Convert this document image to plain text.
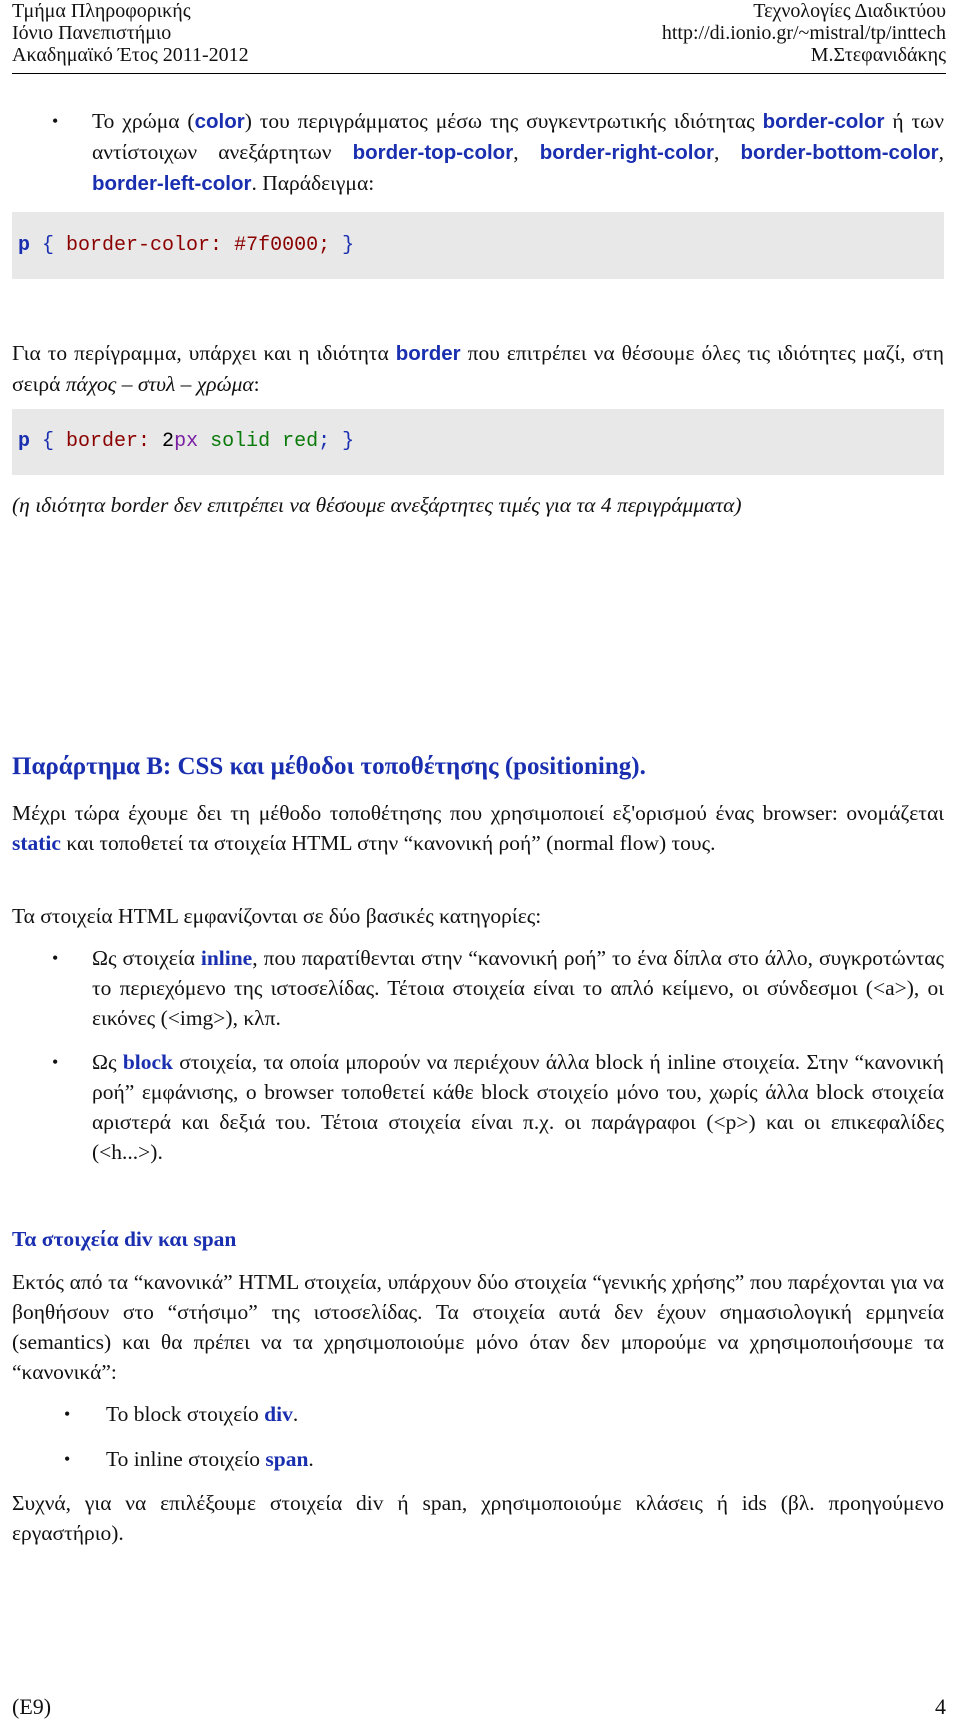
Τμήμα Πληροφορικής
Ιόνιο Πανεπιστήμιο
Ακαδημαϊκό Έτος 2011-2012
Τεχνολογίες Διαδικτύου
http://di.ionio.gr/~mistral/tp/inttech
Μ.Στεφανιδάκης
• Το χρώμα (color) του περιγράμματος μέσω της συγκεντρωτικής ιδιότητας border-color ή των αντίστοιχων ανεξάρτητων border-top-color, border-right-color, border-bottom-color, border-left-color. Παράδειγμα:
p { border-color: #7f0000; }
Για το περίγραμμα, υπάρχει και η ιδιότητα border που επιτρέπει να θέσουμε όλες τις ιδιότητες μαζί, στη σειρά πάχος – στυλ – χρώμα:
p { border: 2px solid red; }
(η ιδιότητα border δεν επιτρέπει να θέσουμε ανεξάρτητες τιμές για τα 4 περιγράμματα)
Παράρτημα Β: CSS και μέθοδοι τοποθέτησης (positioning).
Μέχρι τώρα έχουμε δει τη μέθοδο τοποθέτησης που χρησιμοποιεί εξ'ορισμού ένας browser: ονομάζεται static και τοποθετεί τα στοιχεία HTML στην “κανονική ροή” (normal flow) τους.
Τα στοιχεία HTML εμφανίζονται σε δύο βασικές κατηγορίες:
• Ως στοιχεία inline, που παρατίθενται στην “κανονική ροή” το ένα δίπλα στο άλλο, συγκροτώντας το περιεχόμενο της ιστοσελίδας. Τέτοια στοιχεία είναι το απλό κείμενο, οι σύνδεσμοι (<a>), οι εικόνες (<img>), κλπ.
• Ως block στοιχεία, τα οποία μπορούν να περιέχουν άλλα block ή inline στοιχεία. Στην “κανονική ροή” εμφάνισης, ο browser τοποθετεί κάθε block στοιχείο μόνο του, χωρίς άλλα block στοιχεία αριστερά και δεξιά του. Τέτοια στοιχεία είναι π.χ. οι παράγραφοι (<p>) και οι επικεφαλίδες (<h...>).
Τα στοιχεία div και span
Εκτός από τα “κανονικά” HTML στοιχεία, υπάρχουν δύο στοιχεία “γενικής χρήσης” που παρέχονται για να βοηθήσουν στο “στήσιμο” της ιστοσελίδας. Τα στοιχεία αυτά δεν έχουν σημασιολογική ερμηνεία (semantics) και θα πρέπει να τα χρησιμοποιούμε μόνο όταν δεν μπορούμε να χρησιμοποιήσουμε τα “κανονικά”:
• Το block στοιχείο div.
• Το inline στοιχείο span.
Συχνά, για να επιλέξουμε στοιχεία div ή span, χρησιμοποιούμε κλάσεις ή ids (βλ. προηγούμενο εργαστήριο).
(E9)	4
